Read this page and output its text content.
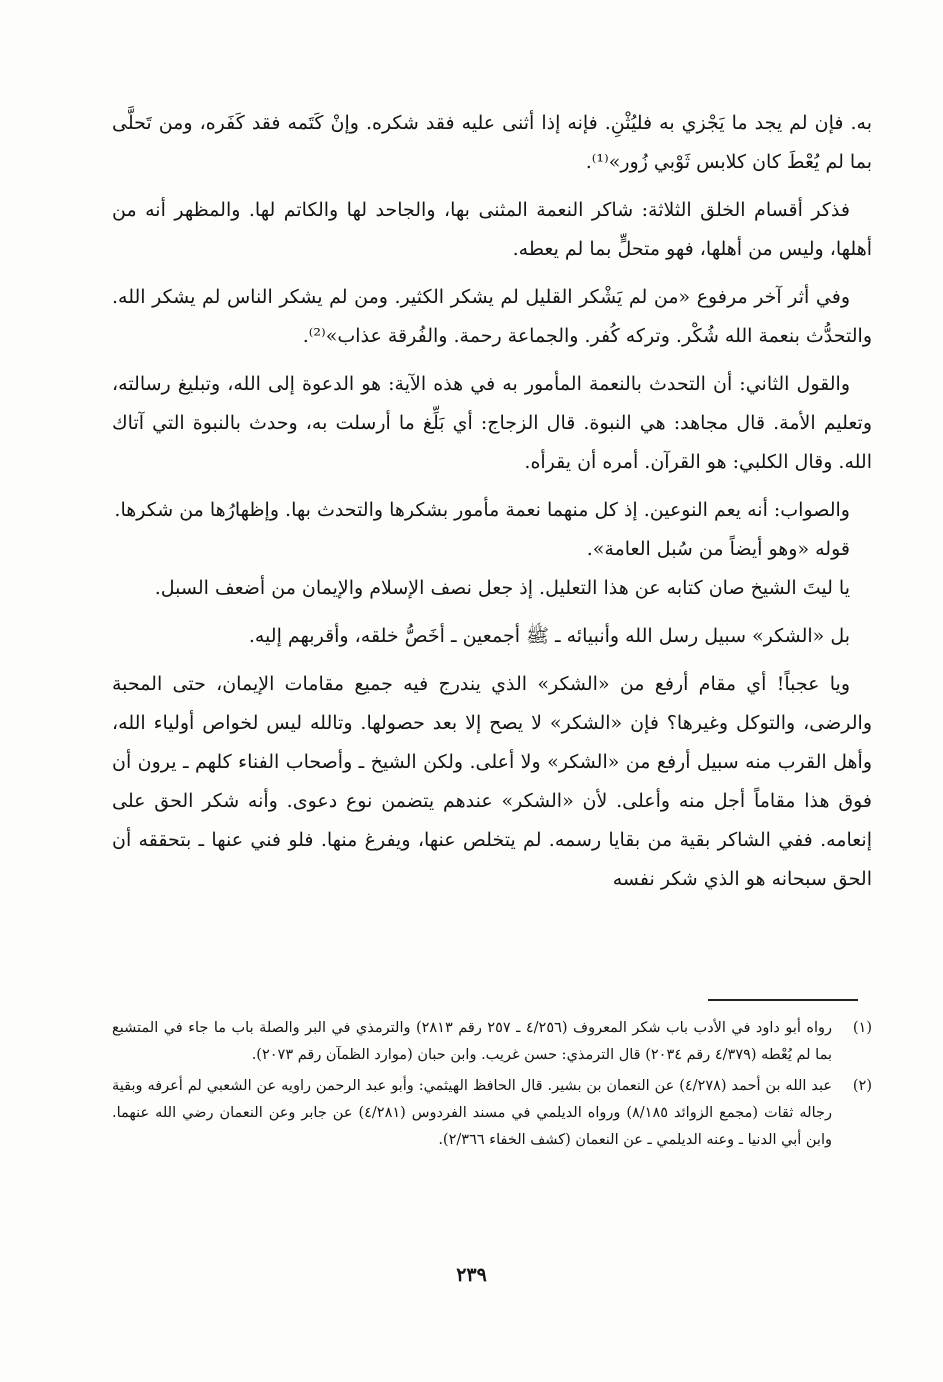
به. فإن لم يجد ما يَجْزي به فليُثْنِ. فإنه إذا أثنى عليه فقد شكره. وإنْ كَتَمه فقد كَفَره، ومن تَحلَّى بما لم يُعْطَ كان كلابس ثَوْبي زُور»⁽¹⁾.

فذكر أقسام الخلق الثلاثة: شاكر النعمة المثنى بها، والجاحد لها والكاتم لها. والمظهر أنه من أهلها، وليس من أهلها، فهو متحلٍّ بما لم يعطه.

وفي أثر آخر مرفوع «من لم يَشْكر القليل لم يشكر الكثير. ومن لم يشكر الناس لم يشكر الله. والتحدُّث بنعمة الله شُكْر. وتركه كُفر. والجماعة رحمة. والفُرقة عذاب»⁽²⁾.

والقول الثاني: أن التحدث بالنعمة المأمور به في هذه الآية: هو الدعوة إلى الله، وتبليغ رسالته، وتعليم الأمة. قال مجاهد: هي النبوة. قال الزجاج: أي بَلِّغ ما أرسلت به، وحدث بالنبوة التي آتاك الله. وقال الكلبي: هو القرآن. أمره أن يقرأه.

والصواب: أنه يعم النوعين. إذ كل منهما نعمة مأمور بشكرها والتحدث بها. وإظهارُها من شكرها.

قوله «وهو أيضاً من سُبل العامة».

يا ليتَ الشيخ صان كتابه عن هذا التعليل. إذ جعل نصف الإسلام والإيمان من أضعف السبل.

بل «الشكر» سبيل رسل الله وأنبيائه ـ ﷺ أجمعين ـ أخَصُّ خلقه، وأقربهم إليه.

ويا عجباً! أي مقام أرفع من «الشكر» الذي يندرج فيه جميع مقامات الإيمان، حتى المحبة والرضى، والتوكل وغيرها؟ فإن «الشكر» لا يصح إلا بعد حصولها. وتالله ليس لخواص أولياء الله، وأهل القرب منه سبيل أرفع من «الشكر» ولا أعلى. ولكن الشيخ ـ وأصحاب الفناء كلهم ـ يرون أن فوق هذا مقاماً أجل منه وأعلى. لأن «الشكر» عندهم يتضمن نوع دعوى. وأنه شكر الحق على إنعامه. ففي الشاكر بقية من بقايا رسمه. لم يتخلص عنها، ويفرغ منها. فلو فني عنها ـ بتحققه أن الحق سبحانه هو الذي شكر نفسه

(١)
رواه أبو داود في الأدب باب شكر المعروف (٤/٢٥٦ ـ ٢٥٧ رقم ٢٨١٣) والترمذي في البر والصلة باب ما جاء في المتشبع بما لم يُعْطه (٤/٣٧٩ رقم ٢٠٣٤) قال الترمذي: حسن غريب. وابن حبان (موارد الظمآن رقم ٢٠٧٣).
(٢)
عبد الله بن أحمد (٤/٢٧٨) عن النعمان بن بشير. قال الحافظ الهيثمي: وأبو عبد الرحمن راويه عن الشعبي لم أعرفه وبقية رجاله ثقات (مجمع الزوائد ٨/١٨٥) ورواه الديلمي في مسند الفردوس (٤/٢٨١) عن جابر وعن النعمان رضي الله عنهما. وابن أبي الدنيا ـ وعنه الديلمي ـ عن النعمان (كشف الخفاء ٢/٣٦٦).
٢٣٩
